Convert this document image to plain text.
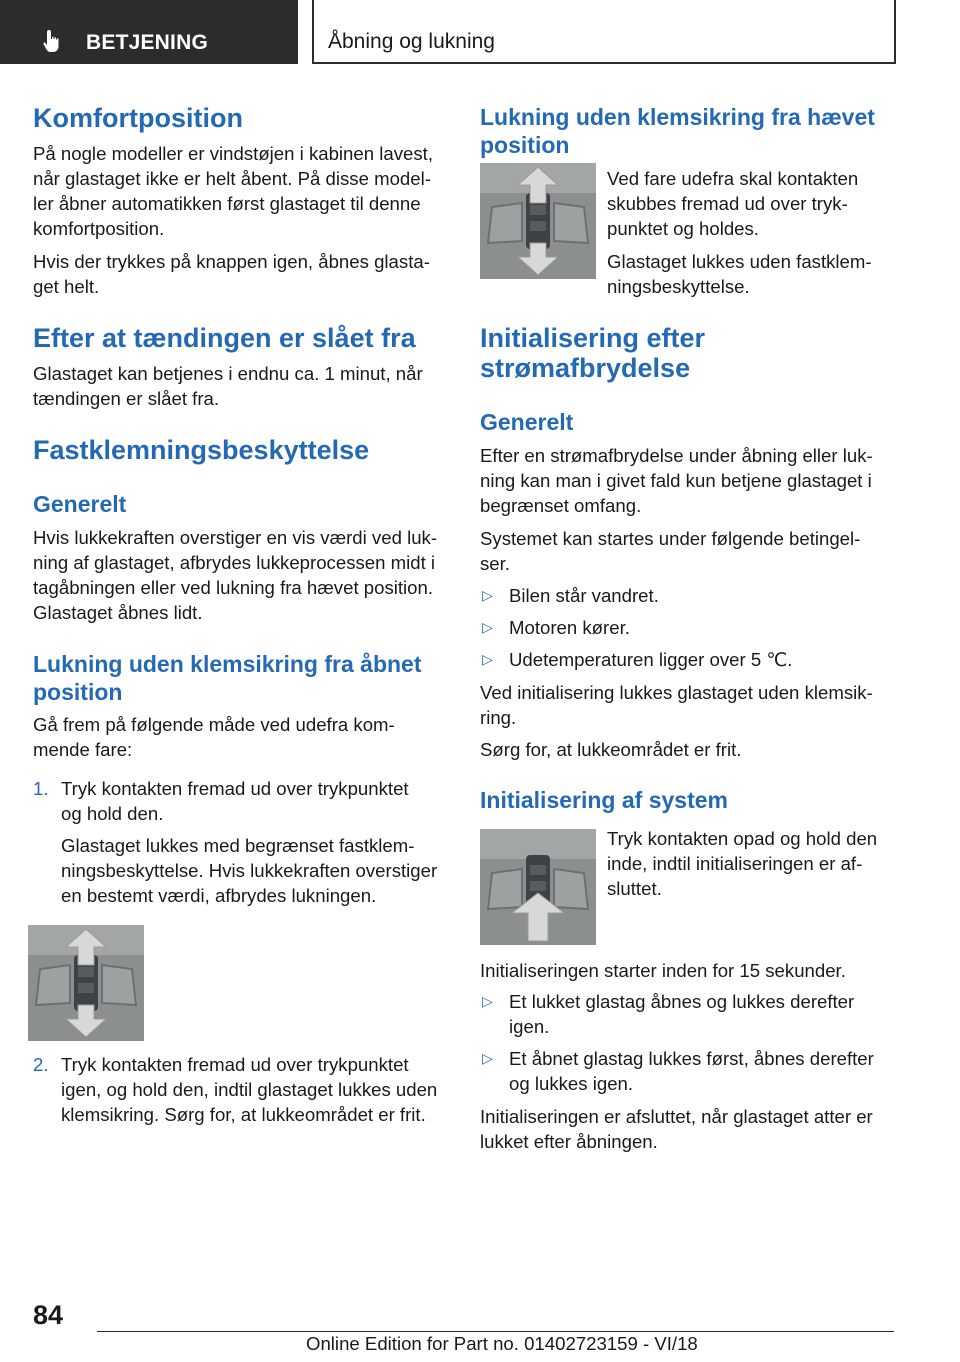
BETJENING	Åbning og lukning
Komfortposition
På nogle modeller er vindstøjen i kabinen lavest,
når glastaget ikke er helt åbent. På disse model‐
ler åbner automatikken først glastaget til denne
komfortposition.
Hvis der trykkes på knappen igen, åbnes glasta‐
get helt.
Efter at tændingen er slået fra
Glastaget kan betjenes i endnu ca. 1 minut, når
tændingen er slået fra.
Fastklemningsbeskyttelse
Generelt
Hvis lukkekraften overstiger en vis værdi ved luk‐
ning af glastaget, afbrydes lukkeprocessen midt i
tagåbningen eller ved lukning fra hævet position.
Glastaget åbnes lidt.
Lukning uden klemsikring fra åbnet
position
Gå frem på følgende måde ved udefra kom‐
mende fare:
1. Tryk kontakten fremad ud over trykpunktet
og hold den.
Glastaget lukkes med begrænset fastklem‐
ningsbeskyttelse. Hvis lukkekraften overstiger
en bestemt værdi, afbrydes lukningen.
2. Tryk kontakten fremad ud over trykpunktet
igen, og hold den, indtil glastaget lukkes uden
klemsikring. Sørg for, at lukkeområdet er frit.
Lukning uden klemsikring fra hævet
position
Ved fare udefra skal kontakten
skubbes fremad ud over tryk‐
punktet og holdes.
Glastaget lukkes uden fastklem‐
ningsbeskyttelse.
Initialisering efter
strømafbrydelse
Generelt
Efter en strømafbrydelse under åbning eller luk‐
ning kan man i givet fald kun betjene glastaget i
begrænset omfang.
Systemet kan startes under følgende betingel‐
ser.
▷ Bilen står vandret.
▷ Motoren kører.
▷ Udetemperaturen ligger over 5 ℃.
Ved initialisering lukkes glastaget uden klemsik‐
ring.
Sørg for, at lukkeområdet er frit.
Initialisering af system
Tryk kontakten opad og hold den
inde, indtil initialiseringen er af‐
sluttet.
Initialiseringen starter inden for 15 sekunder.
▷ Et lukket glastag åbnes og lukkes derefter
igen.
▷ Et åbnet glastag lukkes først, åbnes derefter
og lukkes igen.
Initialiseringen er afsluttet, når glastaget atter er
lukket efter åbningen.
84
Online Edition for Part no. 01402723159 - VI/18
